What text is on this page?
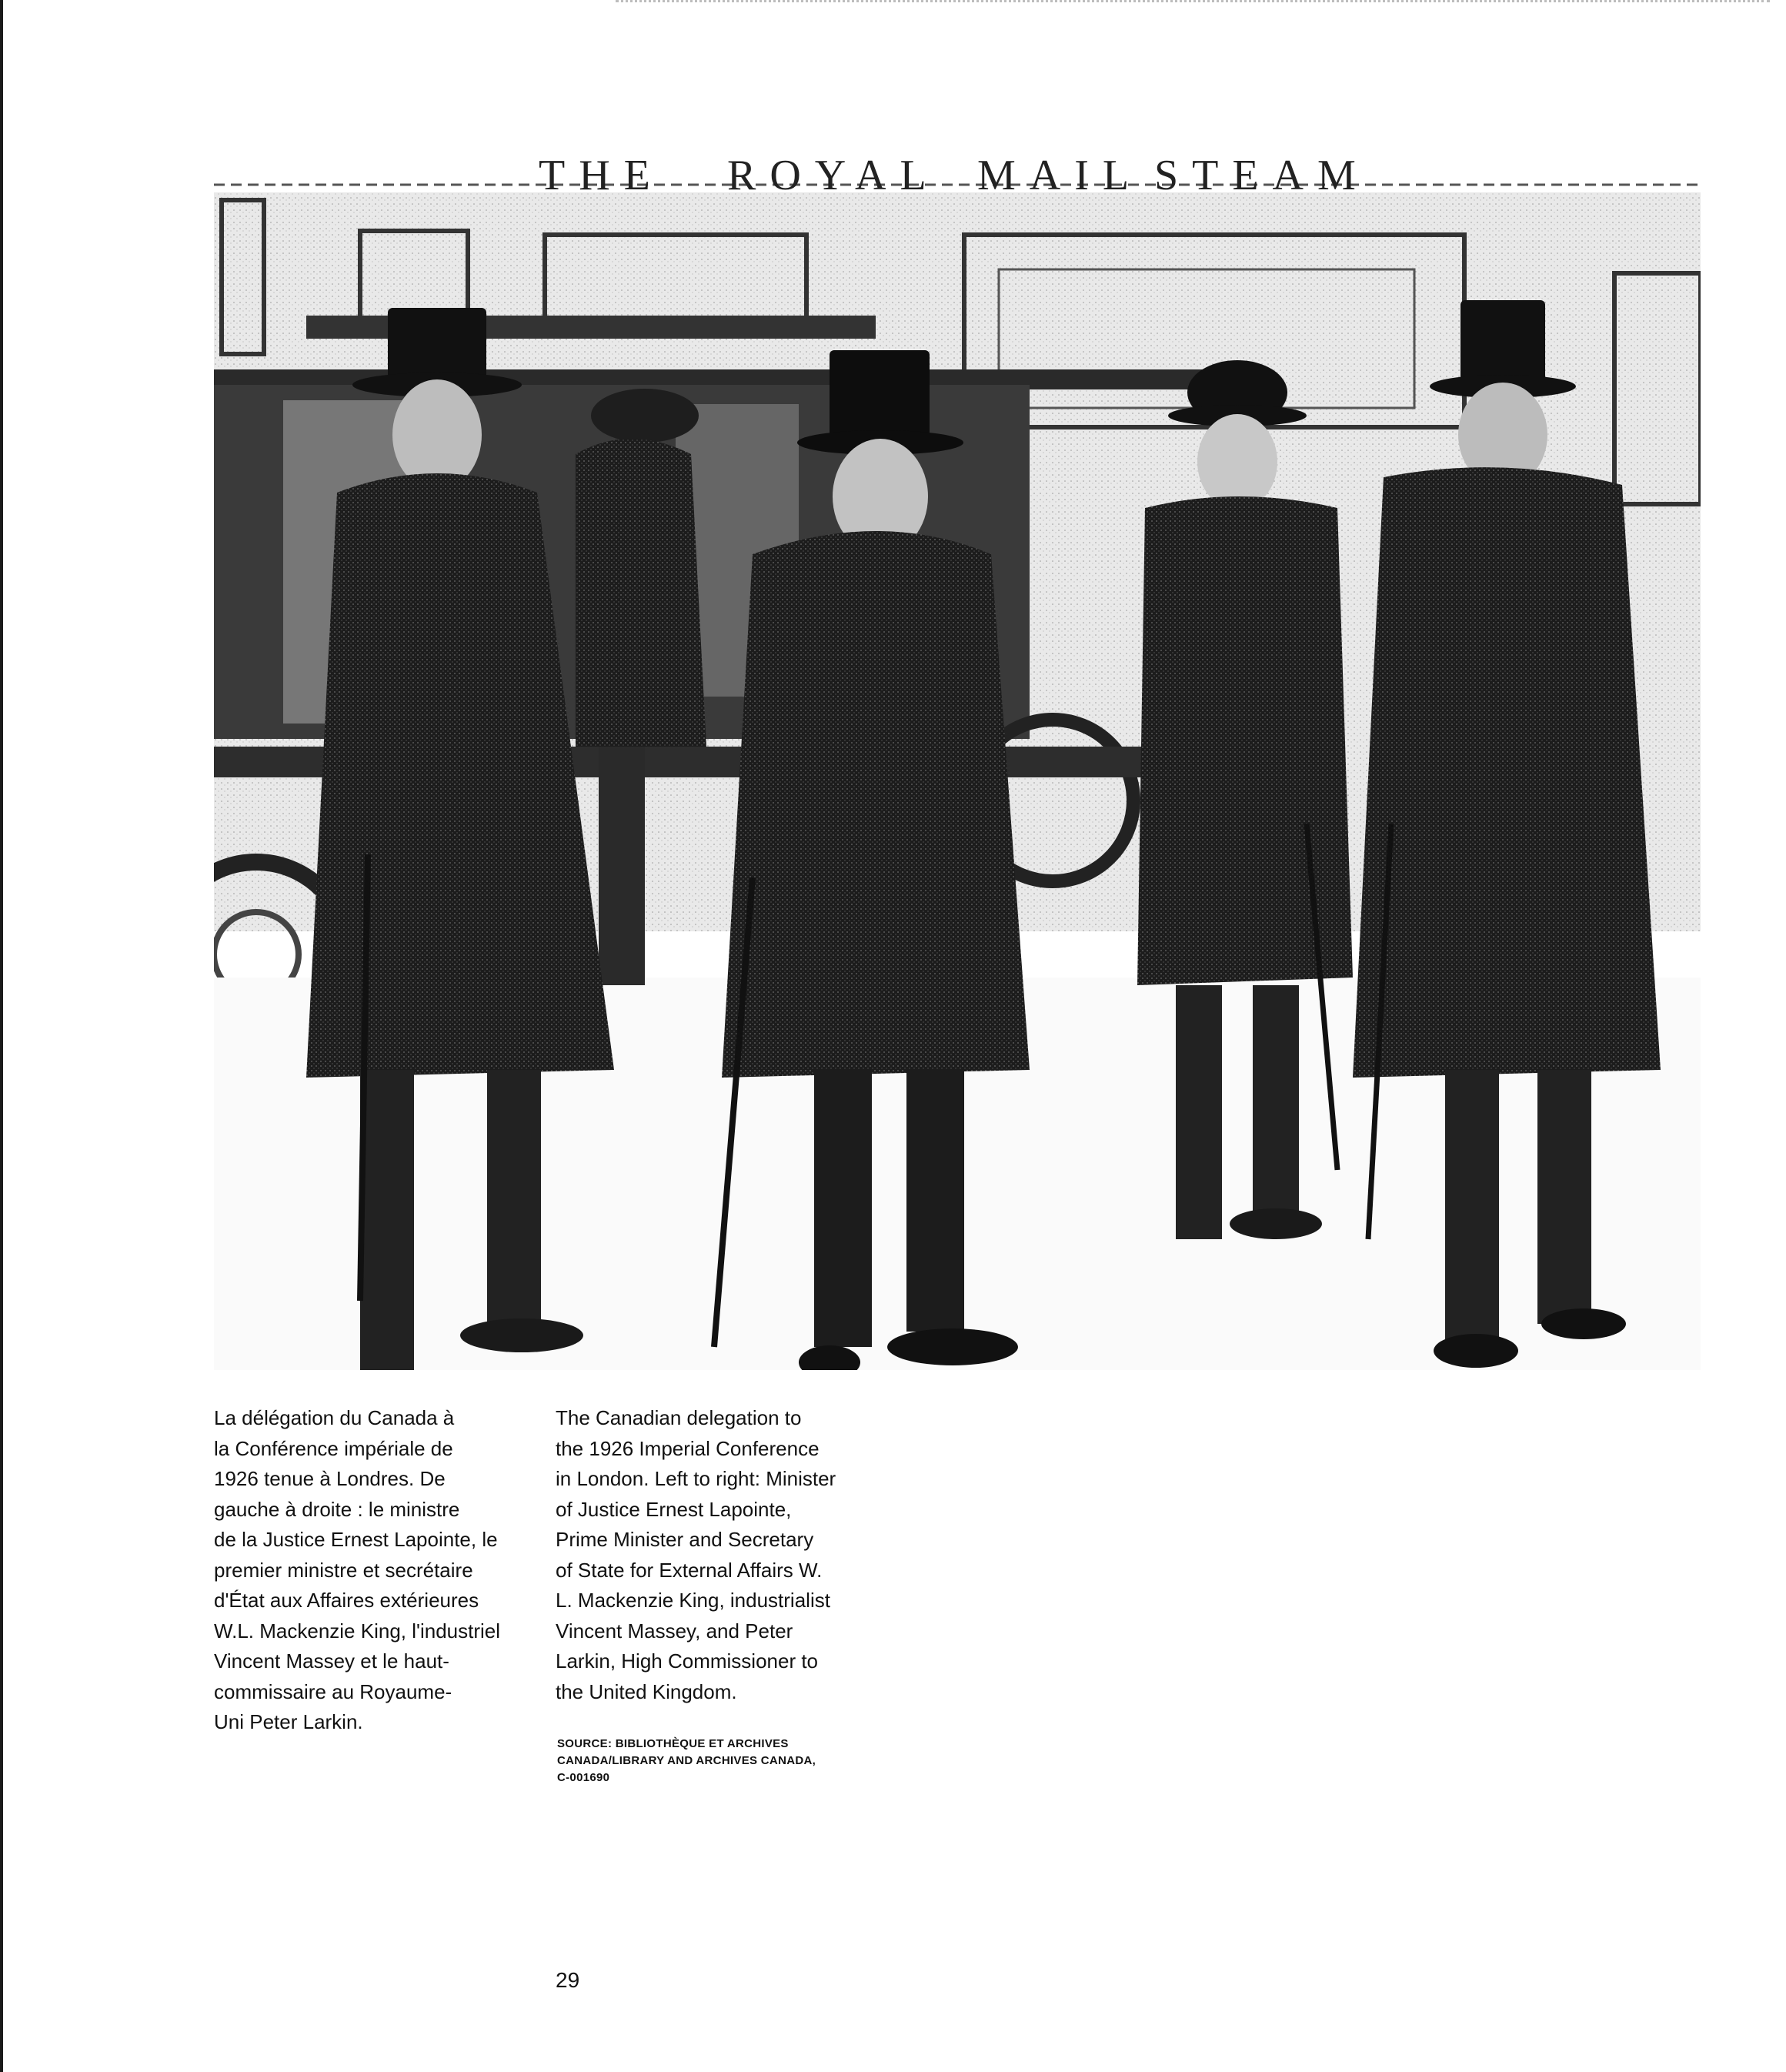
THE ROYAL MAIL STEAM
La délégation du Canada à
la Conférence impériale de
1926 tenue à Londres. De
gauche à droite : le ministre
de la Justice Ernest Lapointe, le
premier ministre et secrétaire
d'État aux Affaires extérieures
W.L. Mackenzie King, l'industriel
Vincent Massey et le haut-
commissaire au Royaume-
Uni Peter Larkin.
The Canadian delegation to
the 1926 Imperial Conference
in London. Left to right: Minister
of Justice Ernest Lapointe,
Prime Minister and Secretary
of State for External Affairs W.
L. Mackenzie King, industrialist
Vincent Massey, and Peter
Larkin, High Commissioner to
the United Kingdom.
SOURCE: BIBLIOTHÈQUE ET ARCHIVES
CANADA/LIBRARY AND ARCHIVES CANADA,
C-001690
29
